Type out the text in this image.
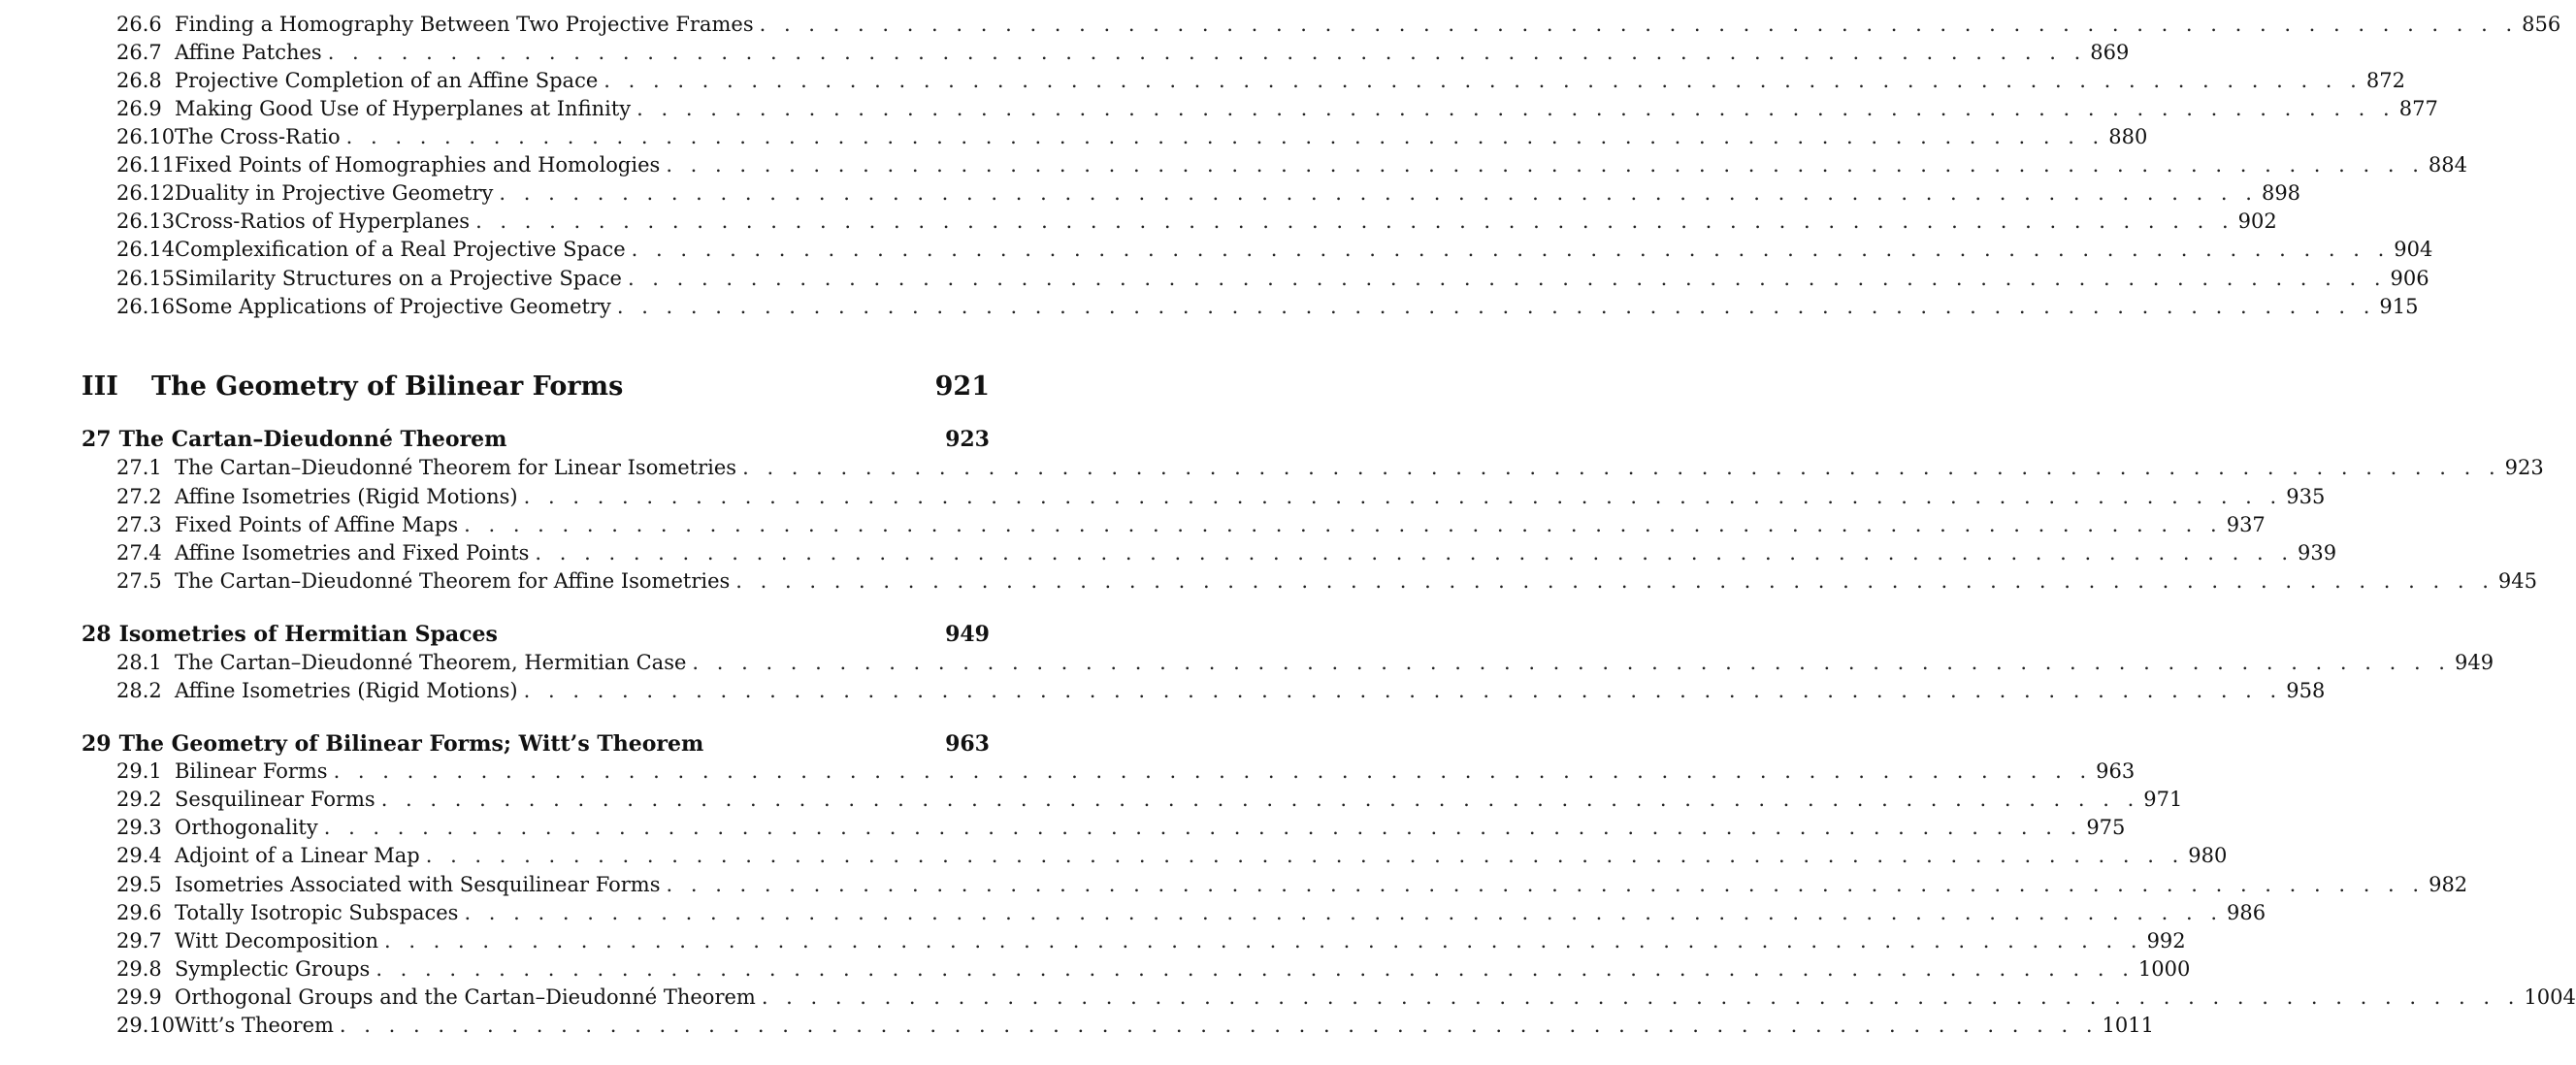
26.6 Finding a Homography Between Two Projective Frames . . . . . . . . . . . . . . . . . . . . . . . . . . . . . . . . . . . . . . . . . . . . . . . . . . . . . . . . . . . . . . . . . . . . . . . . 856
26.7 Affine Patches . . . . . . . . . . . . . . . . . . . . . . . . . . . . . . . . . . . . . . . . . . . . . . . . . . . . . . . . . . . . . . . . . . . . . . . . 869
26.8 Projective Completion of an Affine Space . . . . . . . . . . . . . . . . . . . . . . . . . . . . . . . . . . . . . . . . . . . . . . . . . . . . . . . . . . . . . . . . . . . . . . . . 872
26.9 Making Good Use of Hyperplanes at Infinity . . . . . . . . . . . . . . . . . . . . . . . . . . . . . . . . . . . . . . . . . . . . . . . . . . . . . . . . . . . . . . . . . . . . . . . . 877
26.10 The Cross-Ratio . . . . . . . . . . . . . . . . . . . . . . . . . . . . . . . . . . . . . . . . . . . . . . . . . . . . . . . . . . . . . . . . . . . . . . . . 880
26.11 Fixed Points of Homographies and Homologies . . . . . . . . . . . . . . . . . . . . . . . . . . . . . . . . . . . . . . . . . . . . . . . . . . . . . . . . . . . . . . . . . . . . . . . . 884
26.12 Duality in Projective Geometry . . . . . . . . . . . . . . . . . . . . . . . . . . . . . . . . . . . . . . . . . . . . . . . . . . . . . . . . . . . . . . . . . . . . . . . . 898
26.13 Cross-Ratios of Hyperplanes . . . . . . . . . . . . . . . . . . . . . . . . . . . . . . . . . . . . . . . . . . . . . . . . . . . . . . . . . . . . . . . . . . . . . . . . 902
26.14 Complexification of a Real Projective Space . . . . . . . . . . . . . . . . . . . . . . . . . . . . . . . . . . . . . . . . . . . . . . . . . . . . . . . . . . . . . . . . . . . . . . . . 904
26.15 Similarity Structures on a Projective Space . . . . . . . . . . . . . . . . . . . . . . . . . . . . . . . . . . . . . . . . . . . . . . . . . . . . . . . . . . . . . . . . . . . . . . . . 906
26.16 Some Applications of Projective Geometry . . . . . . . . . . . . . . . . . . . . . . . . . . . . . . . . . . . . . . . . . . . . . . . . . . . . . . . . . . . . . . . . . . . . . . . . 915
III The Geometry of Bilinear Forms	921
27 The Cartan–Dieudonné Theorem	923
27.1 The Cartan–Dieudonné Theorem for Linear Isometries . . . . . . . . . . . . . . . . . . . . . . . . . . . . . . . . . . . . . . . . . . . . . . . . . . . . . . . . . . . . . . . . . . . . . . . . 923
27.2 Affine Isometries (Rigid Motions) . . . . . . . . . . . . . . . . . . . . . . . . . . . . . . . . . . . . . . . . . . . . . . . . . . . . . . . . . . . . . . . . . . . . . . . . 935
27.3 Fixed Points of Affine Maps . . . . . . . . . . . . . . . . . . . . . . . . . . . . . . . . . . . . . . . . . . . . . . . . . . . . . . . . . . . . . . . . . . . . . . . . 937
27.4 Affine Isometries and Fixed Points . . . . . . . . . . . . . . . . . . . . . . . . . . . . . . . . . . . . . . . . . . . . . . . . . . . . . . . . . . . . . . . . . . . . . . . . 939
27.5 The Cartan–Dieudonné Theorem for Affine Isometries . . . . . . . . . . . . . . . . . . . . . . . . . . . . . . . . . . . . . . . . . . . . . . . . . . . . . . . . . . . . . . . . . . . . . . . . 945
28 Isometries of Hermitian Spaces	949
28.1 The Cartan–Dieudonné Theorem, Hermitian Case . . . . . . . . . . . . . . . . . . . . . . . . . . . . . . . . . . . . . . . . . . . . . . . . . . . . . . . . . . . . . . . . . . . . . . . . 949
28.2 Affine Isometries (Rigid Motions) . . . . . . . . . . . . . . . . . . . . . . . . . . . . . . . . . . . . . . . . . . . . . . . . . . . . . . . . . . . . . . . . . . . . . . . . 958
29 The Geometry of Bilinear Forms; Witt’s Theorem	963
29.1 Bilinear Forms . . . . . . . . . . . . . . . . . . . . . . . . . . . . . . . . . . . . . . . . . . . . . . . . . . . . . . . . . . . . . . . . . . . . . . . . 963
29.2 Sesquilinear Forms . . . . . . . . . . . . . . . . . . . . . . . . . . . . . . . . . . . . . . . . . . . . . . . . . . . . . . . . . . . . . . . . . . . . . . . . 971
29.3 Orthogonality . . . . . . . . . . . . . . . . . . . . . . . . . . . . . . . . . . . . . . . . . . . . . . . . . . . . . . . . . . . . . . . . . . . . . . . . 975
29.4 Adjoint of a Linear Map . . . . . . . . . . . . . . . . . . . . . . . . . . . . . . . . . . . . . . . . . . . . . . . . . . . . . . . . . . . . . . . . . . . . . . . . 980
29.5 Isometries Associated with Sesquilinear Forms . . . . . . . . . . . . . . . . . . . . . . . . . . . . . . . . . . . . . . . . . . . . . . . . . . . . . . . . . . . . . . . . . . . . . . . . 982
29.6 Totally Isotropic Subspaces . . . . . . . . . . . . . . . . . . . . . . . . . . . . . . . . . . . . . . . . . . . . . . . . . . . . . . . . . . . . . . . . . . . . . . . . 986
29.7 Witt Decomposition . . . . . . . . . . . . . . . . . . . . . . . . . . . . . . . . . . . . . . . . . . . . . . . . . . . . . . . . . . . . . . . . . . . . . . . . 992
29.8 Symplectic Groups . . . . . . . . . . . . . . . . . . . . . . . . . . . . . . . . . . . . . . . . . . . . . . . . . . . . . . . . . . . . . . . . . . . . . . . . 1000
29.9 Orthogonal Groups and the Cartan–Dieudonné Theorem . . . . . . . . . . . . . . . . . . . . . . . . . . . . . . . . . . . . . . . . . . . . . . . . . . . . . . . . . . . . . . . . . . . . . . . . 1004
29.10 Witt’s Theorem . . . . . . . . . . . . . . . . . . . . . . . . . . . . . . . . . . . . . . . . . . . . . . . . . . . . . . . . . . . . . . . . . . . . . . . . 1011
